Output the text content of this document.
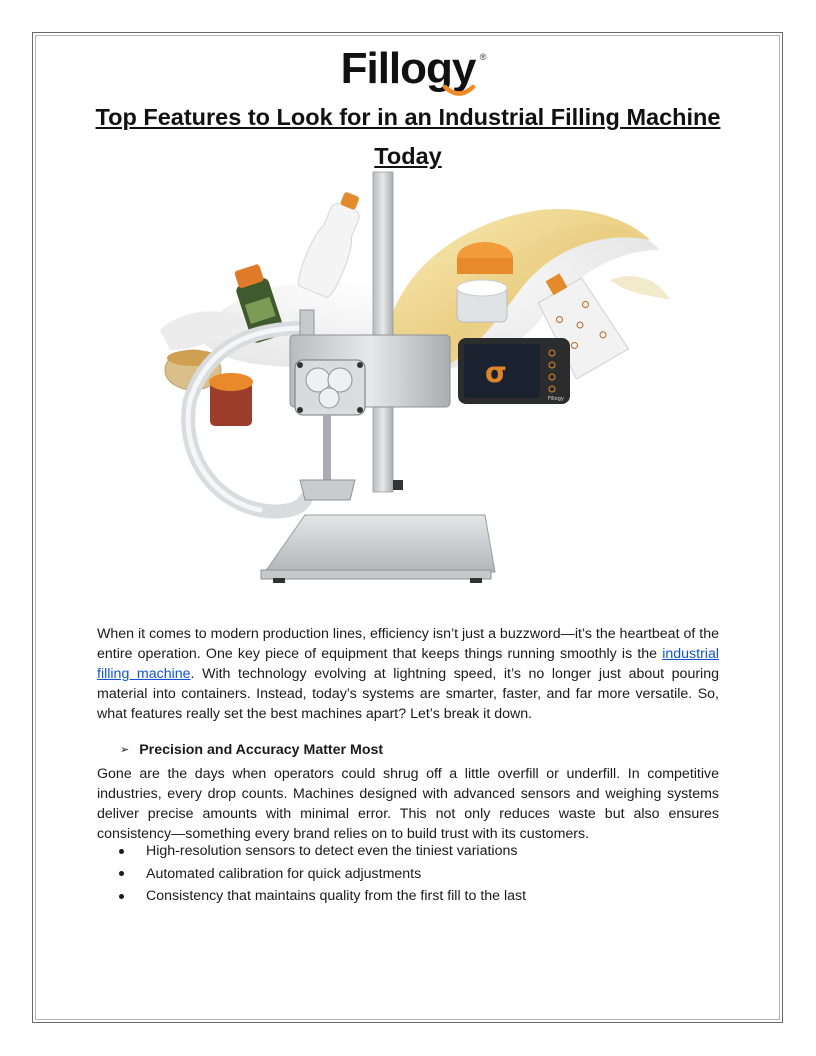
Fillogy ®
Top Features to Look for in an Industrial Filling Machine Today
σ
Fillogy

When it comes to modern production lines, efficiency isn’t just a buzzword—it’s the heartbeat of the entire operation. One key piece of equipment that keeps things running smoothly is the industrial filling machine. With technology evolving at lightning speed, it’s no longer just about pouring material into containers. Instead, today’s systems are smarter, faster, and far more versatile. So, what features really set the best machines apart? Let’s break it down.

➢ Precision and Accuracy Matter Most

Gone are the days when operators could shrug off a little overfill or underfill. In competitive industries, every drop counts. Machines designed with advanced sensors and weighing systems deliver precise amounts with minimal error. This not only reduces waste but also ensures consistency—something every brand relies on to build trust with its customers.

High-resolution sensors to detect even the tiniest variations
Automated calibration for quick adjustments
Consistency that maintains quality from the first fill to the last
